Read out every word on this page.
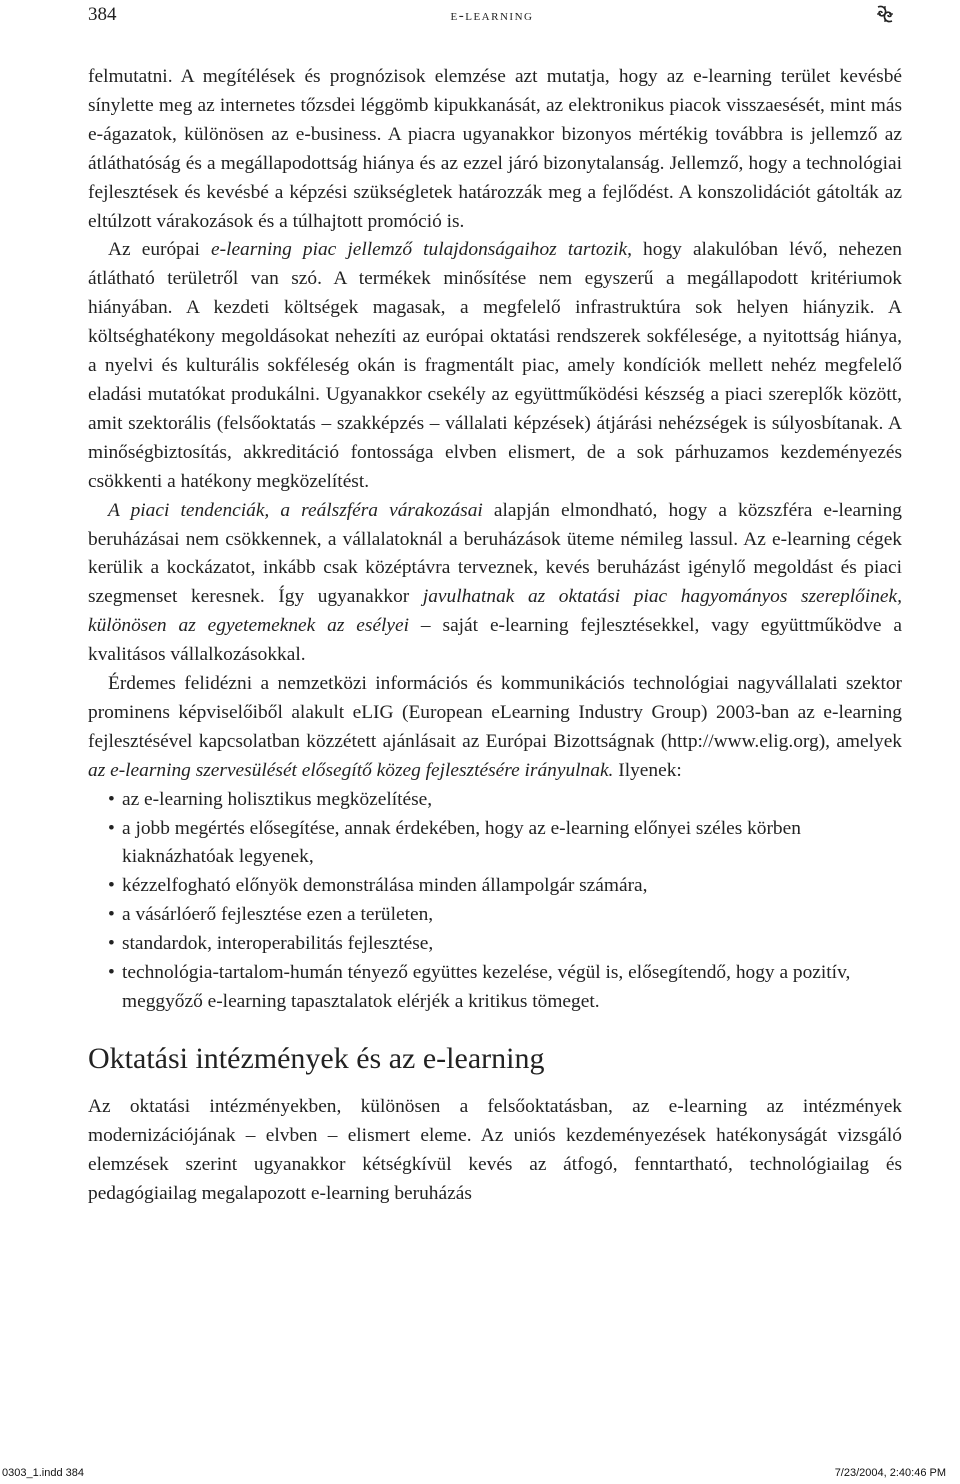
384	e-learning

felmutatni. A megítélések és prognózisok elemzése azt mutatja, hogy az e-learning terület kevésbé sínylette meg az internetes tőzsdei léggömb kipukkanását, az elektronikus piacok visszaesését, mint más e-ágazatok, különösen az e-business. A piacra ugyanakkor bizonyos mértékig továbbra is jellemző az átláthatóság és a megállapodottság hiánya és az ezzel járó bizonytalanság. Jellemző, hogy a technológiai fejlesztések és kevésbé a képzési szükségletek határozzák meg a fejlődést. A konszolidációt gátolták az eltúlzott várakozások és a túlhajtott promóció is.

Az európai e-learning piac jellemző tulajdonságaihoz tartozik, hogy alakulóban lévő, nehezen átlátható területről van szó. A termékek minősítése nem egyszerű a megállapodott kritériumok hiányában. A kezdeti költségek magasak, a megfelelő infrastruktúra sok helyen hiányzik. A költséghatékony megoldásokat nehezíti az európai oktatási rendszerek sokfélesége, a nyitottság hiánya, a nyelvi és kulturális sokféleség okán is fragmentált piac, amely kondíciók mellett nehéz megfelelő eladási mutatókat produkálni. Ugyanakkor csekély az együttműködési készség a piaci szereplők között, amit szektorális (felsőoktatás – szakképzés – vállalati képzések) átjárási nehézségek is súlyosbítanak. A minőségbiztosítás, akkreditáció fontossága elvben elismert, de a sok párhuzamos kezdeményezés csökkenti a hatékony megközelítést.

A piaci tendenciák, a reálszféra várakozásai alapján elmondható, hogy a közszféra e-learning beruházásai nem csökkennek, a vállalatoknál a beruházások üteme némileg lassul. Az e-learning cégek kerülik a kockázatot, inkább csak középtávra terveznek, kevés beruházást igénylő megoldást és piaci szegmenset keresnek. Így ugyanakkor javulhatnak az oktatási piac hagyományos szereplőinek, különösen az egyetemeknek az esélyei – saját e-learning fejlesztésekkel, vagy együttműködve a kvalitásos vállalkozásokkal.

Érdemes felidézni a nemzetközi információs és kommunikációs technológiai nagyvállalati szektor prominens képviselőiből alakult eLIG (European eLearning Industry Group) 2003-ban az e-learning fejlesztésével kapcsolatban közzétett ajánlásait az Európai Bizottságnak (http://www.elig.org), amelyek az e-learning szervesülését elősegítő közeg fejlesztésére irányulnak. Ilyenek:

• az e-learning holisztikus megközelítése,
• a jobb megértés elősegítése, annak érdekében, hogy az e-learning előnyei széles körben kiaknázhatóak legyenek,
• kézzelfogható előnyök demonstrálása minden állampolgár számára,
• a vásárlóerő fejlesztése ezen a területen,
• standardok, interoperabilitás fejlesztése,
• technológia-tartalom-humán tényező együttes kezelése, végül is, elősegítendő, hogy a pozitív, meggyőző e-learning tapasztalatok elérjék a kritikus tömeget.
Oktatási intézmények és az e-learning

Az oktatási intézményekben, különösen a felsőoktatásban, az e-learning az intézmények modernizációjának – elvben – elismert eleme. Az uniós kezdeményezések hatékonyságát vizsgáló elemzések szerint ugyanakkor kétségkívül kevés az átfogó, fenntartható, technológiailag és pedagógiailag megalapozott e-learning beruházás

0303_1.indd 384	7/23/2004, 2:40:46 PM
